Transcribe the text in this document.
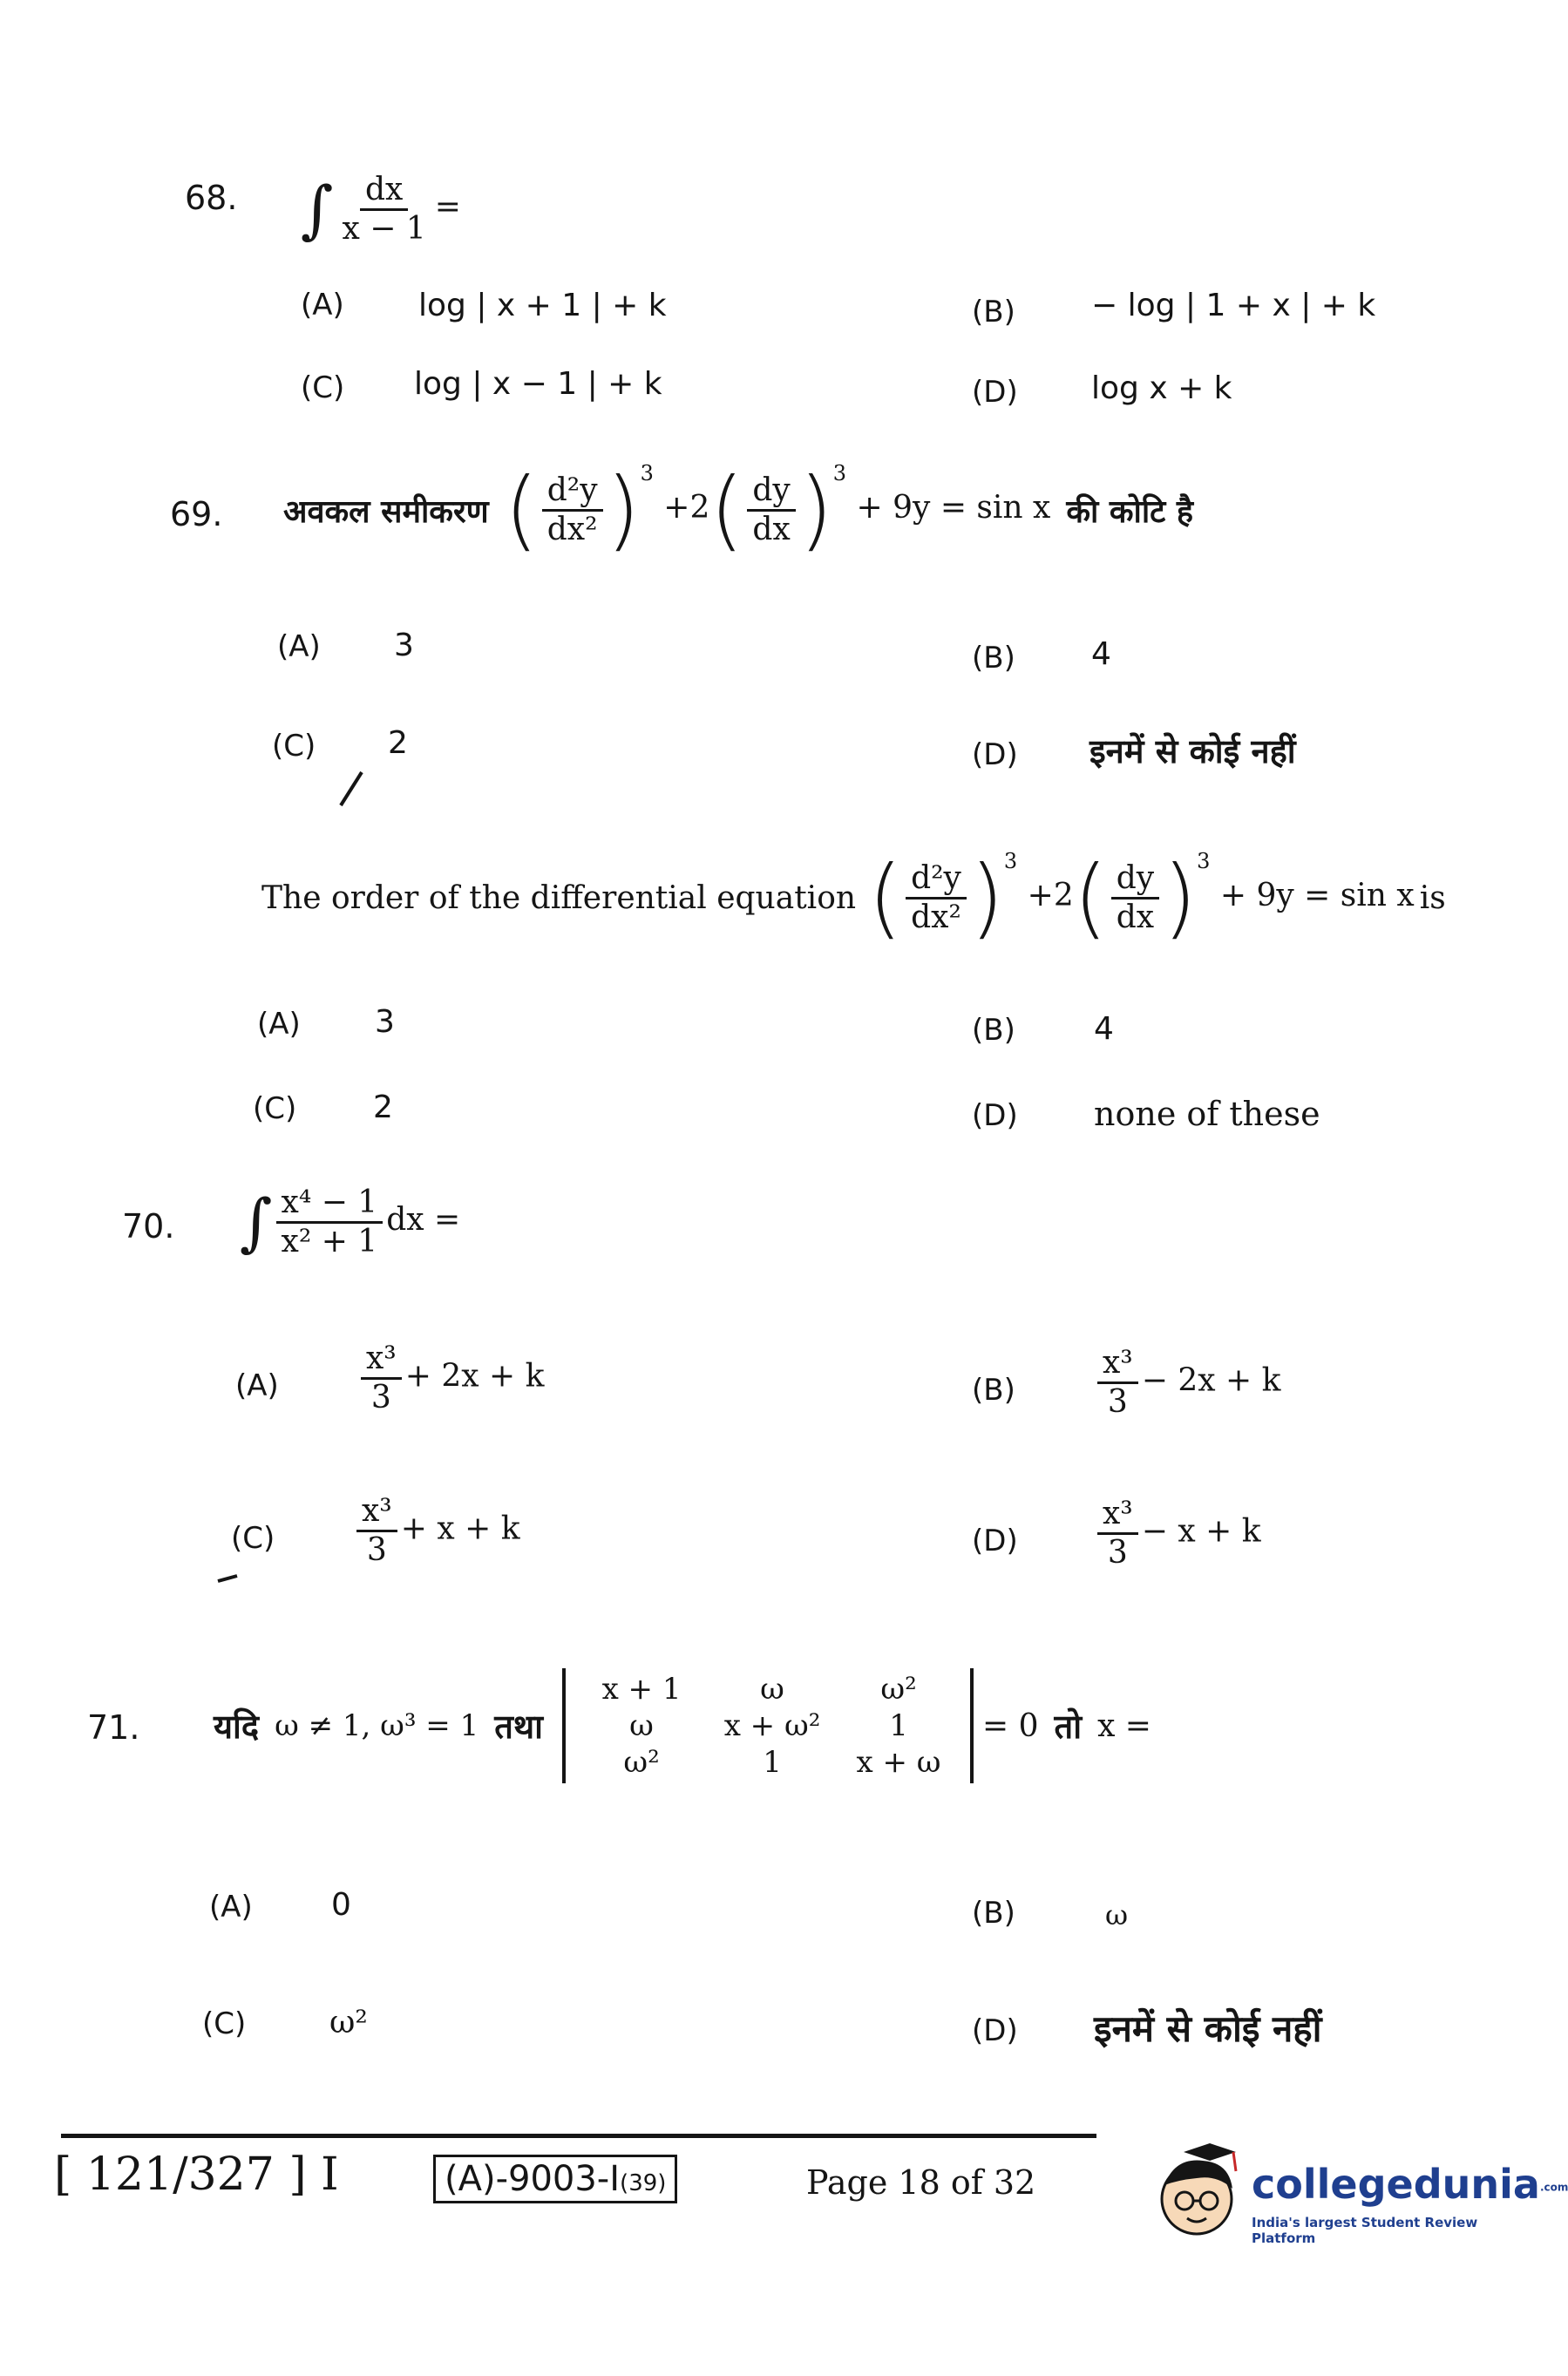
68. ∫ $\frac{dx}{x - 1}$ =
(A) log | x + 1 | + k	(B) − log | 1 + x | + k
(C) log | x − 1 | + k	(D) log x + k
69. अवकल समीकरण ( $\frac{\text{d²y}}{\text{dx²}} )^3 +2( \frac{dy}{dx} )^3 + 9y = \sin x$ की कोटि है
(A) 3	(B) 4
(C) 2	(D) इनमें से कोई नहीं
The order of the differential equation ( $\frac{\text{d²y}}{\text{dx²}} )^3 +2( \frac{dy}{dx} )^3 + 9y = \sin x$ is
(A) 3	(B)	4
(C) 2	(D) none of these
70. ∫ $\frac{\text{x⁴ − 1}}{\text{x² + 1}}$ dx =
(A)	$\frac{\text{x³}}{3} + 2x + k$	(B)	$\frac{\text{x³}}{3} - 2x + k$
(C)	$\frac{\text{x³}}{3} + x + k$	(D)	$\frac{\text{x³}}{3} - x + k$
71. यदि ω ≠ 1, ω³ = 1 तथा
x + 1	ω	ω²
ω	x + ω²	1
ω²	1	x + ω
= 0 तो x =
(A)	0	(B)	ω
(C)	ω²	(D) इनमें से कोई नहीं
[ 121/327 ] I	(A)-9003-I(39)	Page 18 of 32	collegedunia.com
India's largest Student Review Platform
